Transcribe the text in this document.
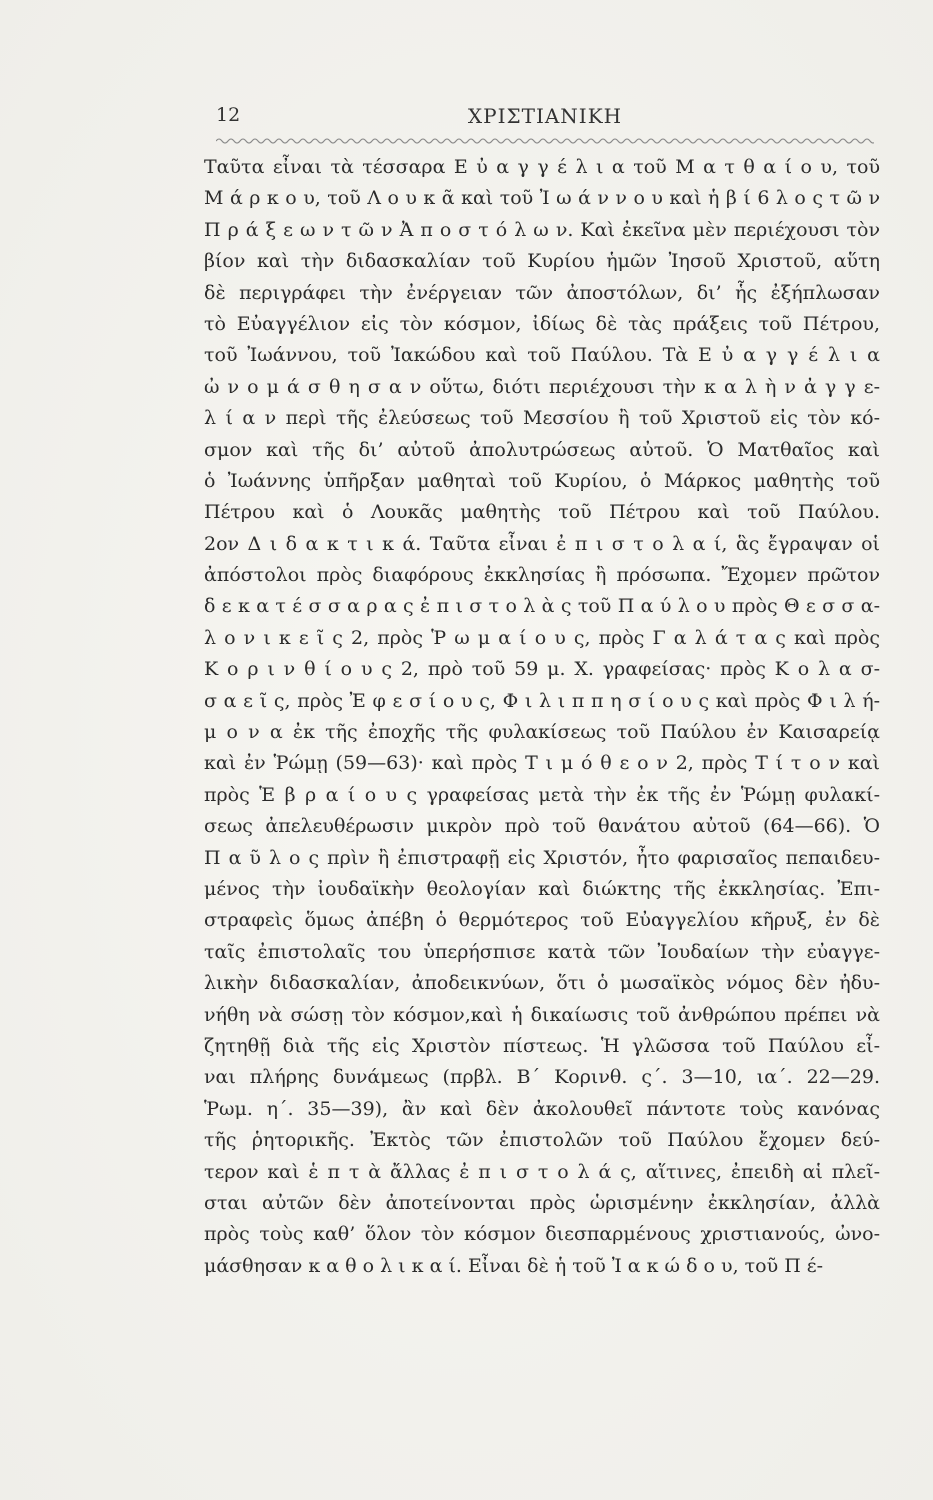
12	ΧΡΙΣΤΙΑΝΙΚΗ
Ταῦτα εἶναι τὰ τέσσαρα Ε ὐ α γ γ έ λ ι α τοῦ Μ α τ θ α ί ο υ, τοῦ
Μ ά ρ κ ο υ, τοῦ Λ ο υ κ ᾶ καὶ τοῦ Ἰ ω ά ν ν ο υ καὶ ἡ β ί 6 λ ο ς τ ῶ ν
Π ρ ά ξ ε ω ν τ ῶ ν Ἀ π ο σ τ ό λ ω ν. Καὶ ἐκεῖνα μὲν περιέχουσι τὸν
βίον καὶ τὴν διδασκαλίαν τοῦ Κυρίου ἡμῶν Ἰησοῦ Χριστοῦ, αὕτη
δὲ περιγράφει τὴν ἐνέργειαν τῶν ἀποστόλων, δι’ ἧς ἐξήπλωσαν
τὸ Εὐαγγέλιον εἰς τὸν κόσμον, ἰδίως δὲ τὰς πράξεις τοῦ Πέτρου,
τοῦ Ἰωάννου, τοῦ Ἰακώδου καὶ τοῦ Παύλου. Τὰ Ε ὐ α γ γ έ λ ι α
ὠ ν ο μ ά σ θ η σ α ν οὕτω, διότι περιέχουσι τὴν κ α λ ὴ ν ἀ γ γ ε-
λ ί α ν περὶ τῆς ἐλεύσεως τοῦ Μεσσίου ἢ τοῦ Χριστοῦ εἰς τὸν κό-
σμον καὶ τῆς δι’ αὐτοῦ ἀπολυτρώσεως αὐτοῦ. Ὁ Ματθαῖος καὶ
ὁ Ἰωάννης ὑπῆρξαν μαθηταὶ τοῦ Κυρίου, ὁ Μάρκος μαθητὴς τοῦ
Πέτρου καὶ ὁ Λουκᾶς μαθητὴς τοῦ Πέτρου καὶ τοῦ Παύλου.
2ον Δ ι δ α κ τ ι κ ά. Ταῦτα εἶναι ἐ π ι σ τ ο λ α ί, ἃς ἔγραψαν οἱ
ἀπόστολοι πρὸς διαφόρους ἐκκλησίας ἢ πρόσωπα. Ἔχομεν πρῶτον
δ ε κ α τ έ σ σ α ρ α ς ἐ π ι σ τ ο λ ὰ ς τοῦ Π α ύ λ ο υ πρὸς Θ ε σ σ α-
λ ο ν ι κ ε ῖ ς 2, πρὸς Ῥ ω μ α ί ο υ ς, πρὸς Γ α λ ά τ α ς καὶ πρὸς
Κ ο ρ ι ν θ ί ο υ ς 2, πρὸ τοῦ 59 μ. Χ. γραφείσας· πρὸς Κ ο λ α σ-
σ α ε ῖ ς, πρὸς Ἐ φ ε σ ί ο υ ς, Φ ι λ ι π π η σ ί ο υ ς καὶ πρὸς Φ ι λ ή-
μ ο ν α ἐκ τῆς ἐποχῆς τῆς φυλακίσεως τοῦ Παύλου ἐν Καισαρείᾳ
καὶ ἐν Ῥώμῃ (59—63)· καὶ πρὸς Τ ι μ ό θ ε ο ν 2, πρὸς Τ ί τ ο ν καὶ
πρὸς Ἑ β ρ α ί ο υ ς γραφείσας μετὰ τὴν ἐκ τῆς ἐν Ῥώμῃ φυλακί-
σεως ἀπελευθέρωσιν μικρὸν πρὸ τοῦ θανάτου αὐτοῦ (64—66). Ὁ
Π α ῦ λ ο ς πρὶν ἢ ἐπιστραφῇ εἰς Χριστόν, ἦτο φαρισαῖος πεπαιδευ-
μένος τὴν ἰουδαϊκὴν θεολογίαν καὶ διώκτης τῆς ἐκκλησίας. Ἐπι-
στραφεὶς ὅμως ἀπέβη ὁ θερμότερος τοῦ Εὐαγγελίου κῆρυξ, ἐν δὲ
ταῖς ἐπιστολαῖς του ὑπερήσπισε κατὰ τῶν Ἰουδαίων τὴν εὐαγγε-
λικὴν διδασκαλίαν, ἀποδεικνύων, ὅτι ὁ μωσαϊκὸς νόμος δὲν ἠδυ-
νήθη νὰ σώσῃ τὸν κόσμον,καὶ ἡ δικαίωσις τοῦ ἀνθρώπου πρέπει νὰ
ζητηθῇ διὰ τῆς εἰς Χριστὸν πίστεως. Ἡ γλῶσσα τοῦ Παύλου εἶ-
ναι πλήρης δυνάμεως (πρβλ. Β΄ Κορινθ. ς΄. 3—10, ια΄. 22—29.
Ῥωμ. η΄. 35—39), ἂν καὶ δὲν ἀκολουθεῖ πάντοτε τοὺς κανόνας
τῆς ῥητορικῆς. Ἐκτὸς τῶν ἐπιστολῶν τοῦ Παύλου ἔχομεν δεύ-
τερον καὶ ἑ π τ ὰ ἄλλας ἐ π ι σ τ ο λ ά ς, αἵτινες, ἐπειδὴ αἱ πλεῖ-
σται αὐτῶν δὲν ἀποτείνονται πρὸς ὡρισμένην ἐκκλησίαν, ἀλλὰ
πρὸς τοὺς καθ’ ὅλον τὸν κόσμον διεσπαρμένους χριστιανούς, ὠνο-
μάσθησαν κ α θ ο λ ι κ α ί. Εἶναι δὲ ἡ τοῦ Ἰ α κ ώ δ ο υ, τοῦ Π έ-
